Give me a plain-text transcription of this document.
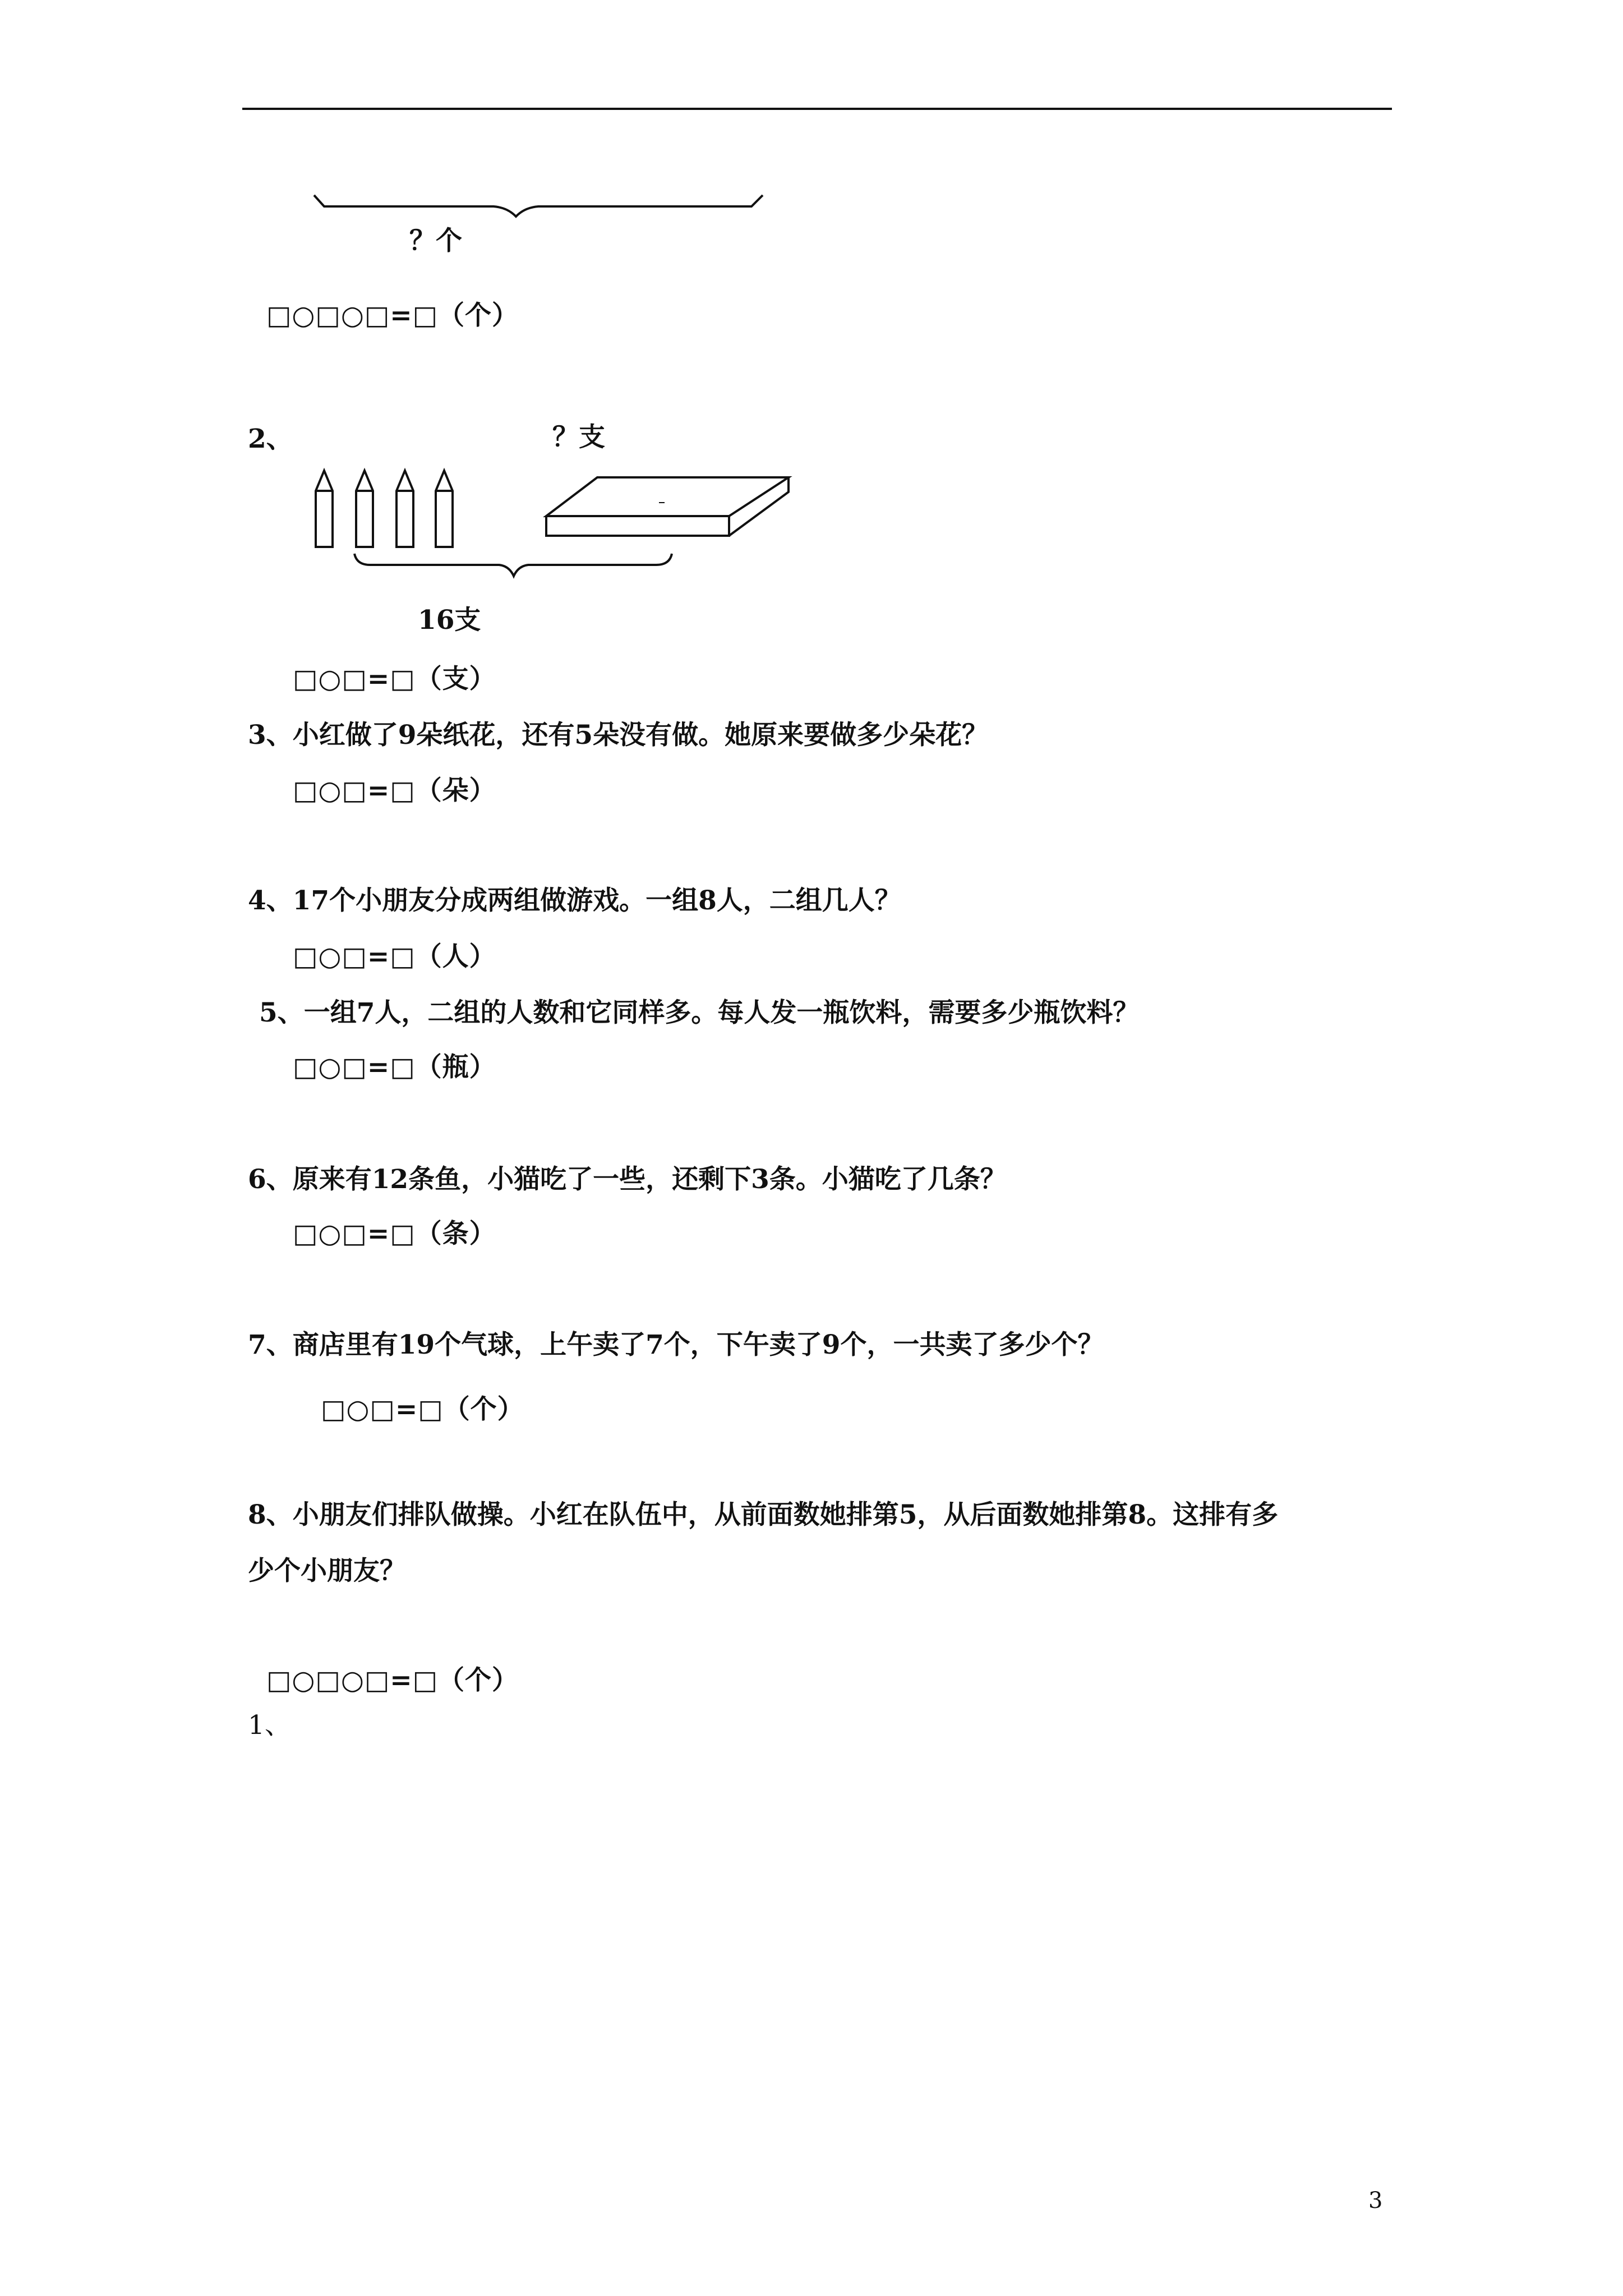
？个
□○□○□=□（个）
2、	？支
16支
□○□=□（支）
3、小红做了9朵纸花，还有5朵没有做。她原来要做多少朵花？
□○□=□（朵）
4、17个小朋友分成两组做游戏。一组8人，二组几人？
□○□=□（人）
5、一组7人，二组的人数和它同样多。每人发一瓶饮料，需要多少瓶饮料？
□○□=□（瓶）
6、原来有12条鱼，小猫吃了一些，还剩下3条。小猫吃了几条？
□○□=□（条）
7、商店里有19个气球，上午卖了7个，下午卖了9个，一共卖了多少个？
□○□=□（个）
8、小朋友们排队做操。小红在队伍中，从前面数她排第5，从后面数她排第8。这排有多
少个小朋友？
□○□○□=□（个）
1、
3
